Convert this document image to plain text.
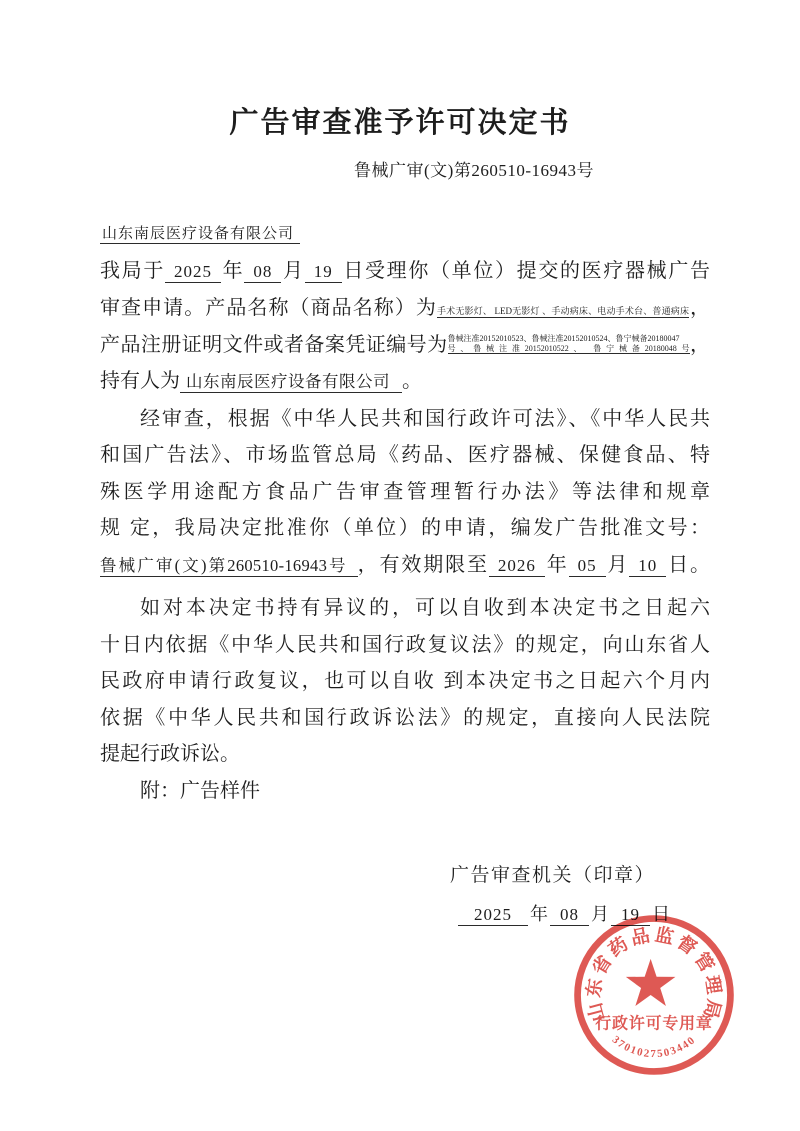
广告审查准予许可决定书
鲁械广审(文)第260510-16943号
山东南辰医疗设备有限公司
我局于 2025 年 08 月 19 日受理你（单位）提交的医疗器械广告
审查申请。产品名称（商品名称）为手术无影灯、 LED无影灯 、手动病床、电动手术台、普通病床，
产品注册证明文件或者备案凭证编号为鲁械注准20152010523、鲁械注准20152010524、鲁宁械备20180047号、鲁械注准20152010522、 鲁宁械备20180048号，
持有人为 山东南辰医疗设备有限公司 。
经审查，根据《中华人民共和国行政许可法》、《中华人民共
和国广告法》、市场监管总局《药品、医疗器械、保健食品、特
殊医学用途配方食品广告审查管理暂行办法》等法律和规章
规 定，我局决定批准你（单位）的申请，编发广告批准文号：
鲁械广审(文)第260510-16943号 ，有效期限至 2026 年 05 月 10 日。
如对本决定书持有异议的，可以自收到本决定书之日起六
十日内依据《中华人民共和国行政复议法》的规定，向山东省人
民政府申请行政复议，也可以自收 到本决定书之日起六个月内
依据《中华人民共和国行政诉讼法》的规定，直接向人民法院
提起行政诉讼。
附：广告样件
广告审查机关（印章）
2025 年 08 月 19 日
山东省药品监督管理局
行政许可专用章
3701027503440
